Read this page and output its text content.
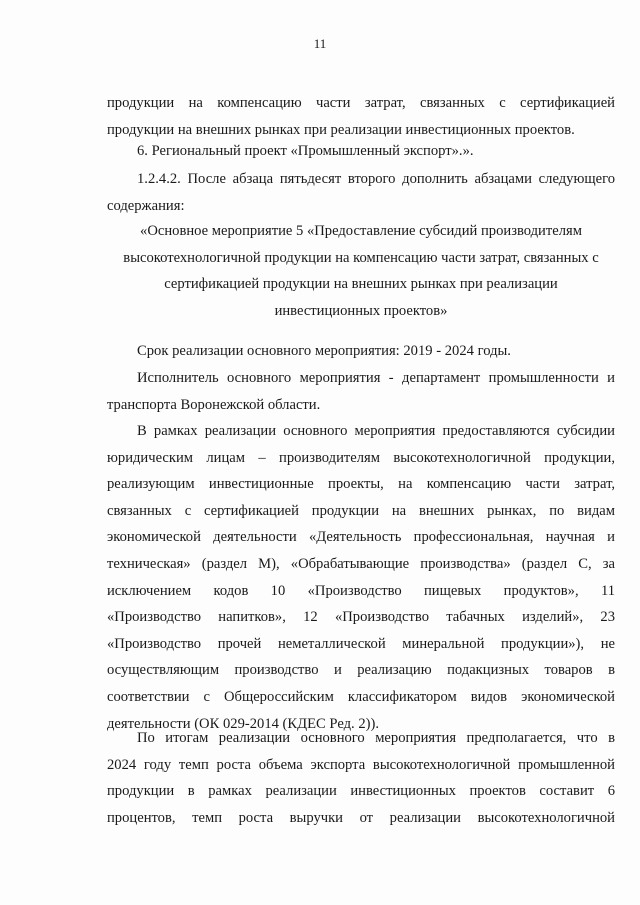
11
продукции на компенсацию части затрат, связанных с сертификацией
продукции на внешних рынках при реализации инвестиционных проектов.
6. Региональный проект «Промышленный экспорт».».
1.2.4.2. После абзаца пятьдесят второго дополнить абзацами следующего
содержания:
«Основное мероприятие 5 «Предоставление субсидий производителям
высокотехнологичной продукции на компенсацию части затрат, связанных с
сертификацией продукции на внешних рынках при реализации
инвестиционных проектов»
Срок реализации основного мероприятия: 2019 - 2024 годы.
Исполнитель основного мероприятия - департамент промышленности и
транспорта Воронежской области.
В рамках реализации основного мероприятия предоставляются субсидии
юридическим лицам – производителям высокотехнологичной продукции,
реализующим инвестиционные проекты, на компенсацию части затрат,
связанных с сертификацией продукции на внешних рынках, по видам
экономической деятельности «Деятельность профессиональная, научная и
техническая» (раздел М), «Обрабатывающие производства» (раздел С, за
исключением кодов 10 «Производство пищевых продуктов», 11
«Производство напитков», 12 «Производство табачных изделий», 23
«Производство прочей неметаллической минеральной продукции»), не
осуществляющим производство и реализацию подакцизных товаров в
соответствии с Общероссийским классификатором видов экономической
деятельности (ОК 029-2014 (КДЕС Ред. 2)).
По итогам реализации основного мероприятия предполагается, что в
2024 году темп роста объема экспорта высокотехнологичной промышленной
продукции в рамках реализации инвестиционных проектов составит 6
процентов, темп роста выручки от реализации высокотехнологичной
